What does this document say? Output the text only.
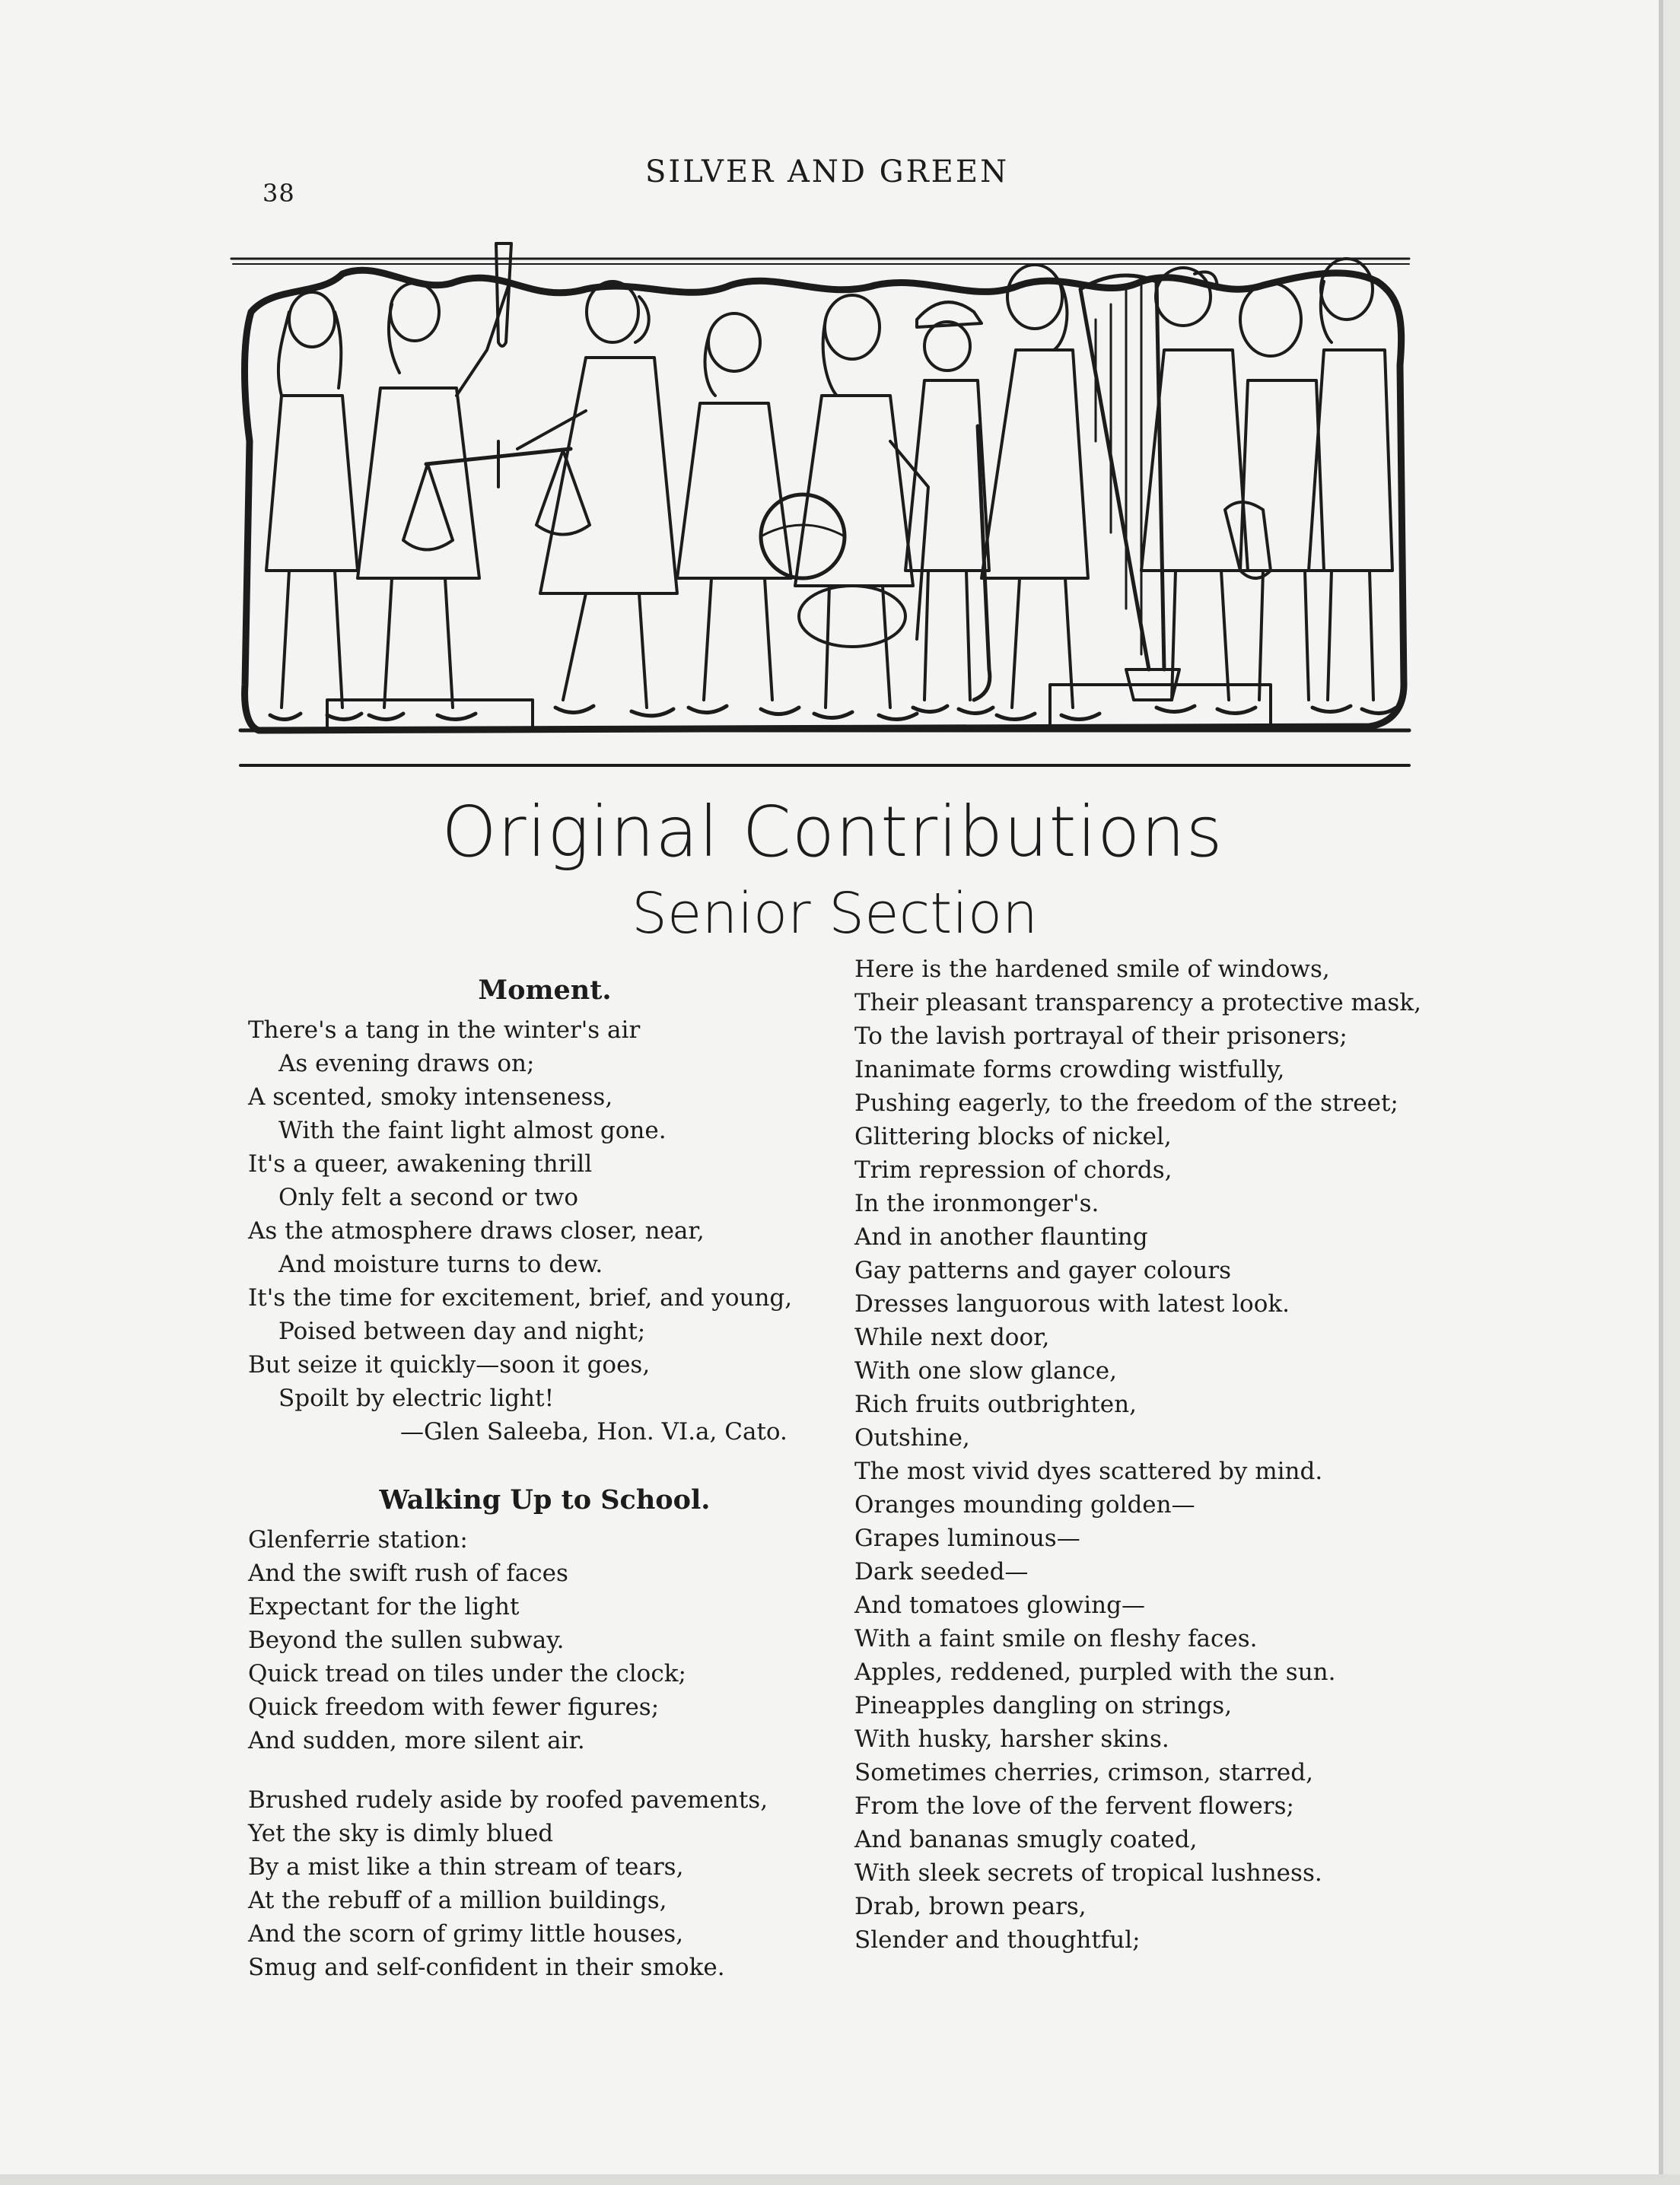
38
SILVER AND GREEN
Original Contributions
Senior Section
Moment.
There's a tang in the winter's air
As evening draws on;
A scented, smoky intenseness,
With the faint light almost gone.
It's a queer, awakening thrill
Only felt a second or two
As the atmosphere draws closer, near,
And moisture turns to dew.
It's the time for excitement, brief, and young,
Poised between day and night;
But seize it quickly—soon it goes,
Spoilt by electric light!
—Glen Saleeba, Hon. VI.a, Cato.
Walking Up to School.
Glenferrie station:
And the swift rush of faces
Expectant for the light
Beyond the sullen subway.
Quick tread on tiles under the clock;
Quick freedom with fewer figures;
And sudden, more silent air.
Brushed rudely aside by roofed pavements,
Yet the sky is dimly blued
By a mist like a thin stream of tears,
At the rebuff of a million buildings,
And the scorn of grimy little houses,
Smug and self-confident in their smoke.
Here is the hardened smile of windows,
Their pleasant transparency a protective mask,
To the lavish portrayal of their prisoners;
Inanimate forms crowding wistfully,
Pushing eagerly, to the freedom of the street;
Glittering blocks of nickel,
Trim repression of chords,
In the ironmonger's.
And in another flaunting
Gay patterns and gayer colours
Dresses languorous with latest look.
While next door,
With one slow glance,
Rich fruits outbrighten,
Outshine,
The most vivid dyes scattered by mind.
Oranges mounding golden—
Grapes luminous—
Dark seeded—
And tomatoes glowing—
With a faint smile on fleshy faces.
Apples, reddened, purpled with the sun.
Pineapples dangling on strings,
With husky, harsher skins.
Sometimes cherries, crimson, starred,
From the love of the fervent flowers;
And bananas smugly coated,
With sleek secrets of tropical lushness.
Drab, brown pears,
Slender and thoughtful;
